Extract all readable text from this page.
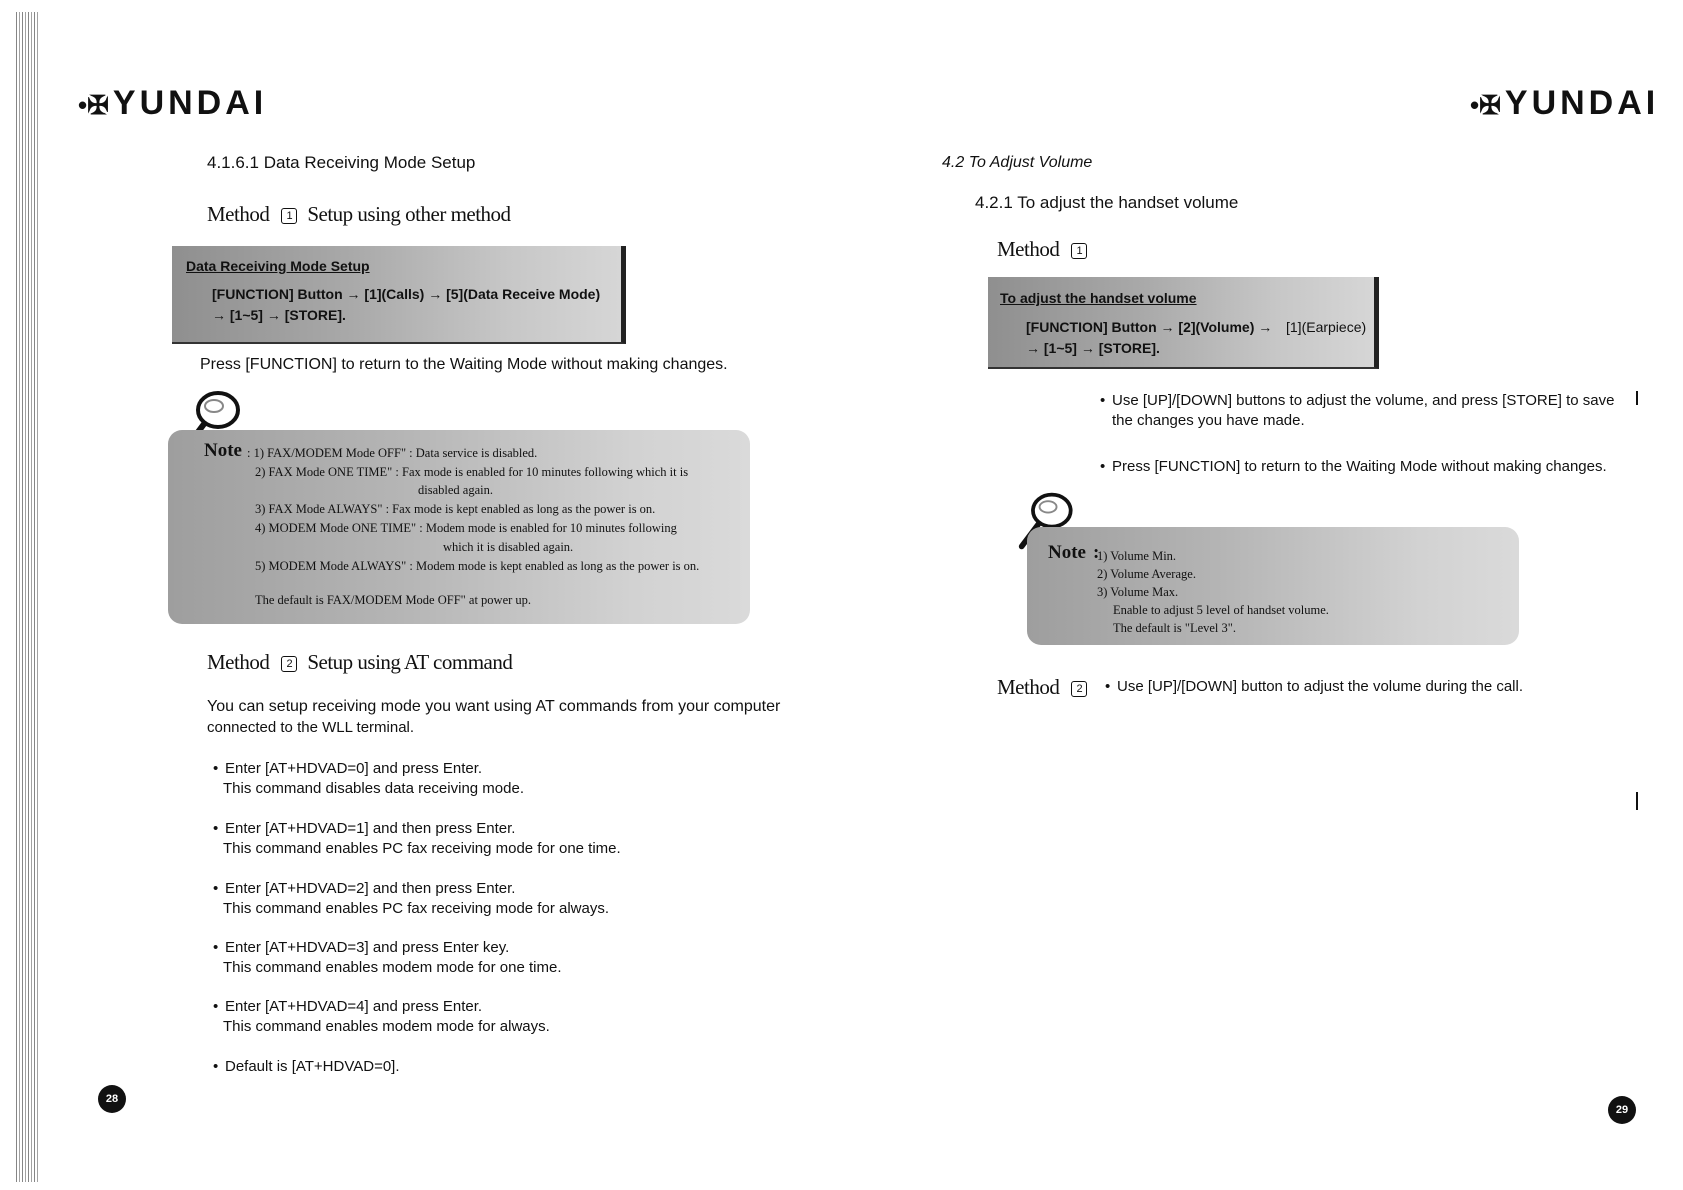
•✠ YUNDAI
4.1.6.1 Data Receiving Mode Setup
Method 1 Setup using other method
Data Receiving Mode Setup
[FUNCTION] Button → [1](Calls) → [5](Data Receive Mode)
→ [1~5] → [STORE].
Press [FUNCTION] to return to the Waiting Mode without making changes.
Note : 1) FAX/MODEM Mode OFF" : Data service is disabled.
2) FAX Mode ONE TIME" : Fax mode is enabled for 10 minutes following which it is
disabled again.
3) FAX Mode ALWAYS" : Fax mode is kept enabled as long as the power is on.
4) MODEM Mode ONE TIME" : Modem mode is enabled for 10 minutes following
which it is disabled again.
5) MODEM Mode ALWAYS" : Modem mode is kept enabled as long as the power is on.
The default is FAX/MODEM Mode OFF" at power up.
Method 2 Setup using AT command
You can setup receiving mode you want using AT commands from your computer
connected to the WLL terminal.
• Enter [AT+HDVAD=0] and press Enter.
This command disables data receiving mode.
• Enter [AT+HDVAD=1] and then press Enter.
This command enables PC fax receiving mode for one time.
• Enter [AT+HDVAD=2] and then press Enter.
This command enables PC fax receiving mode for always.
• Enter [AT+HDVAD=3] and press Enter key.
This command enables modem mode for one time.
• Enter [AT+HDVAD=4] and press Enter.
This command enables modem mode for always.
• Default is [AT+HDVAD=0].
28
•✠ YUNDAI
4.2 To Adjust Volume
4.2.1 To adjust the handset volume
Method 1
To adjust the handset volume
[FUNCTION] Button → [2](Volume) → [1](Earpiece)
→ [1~5] → [STORE].
• Use [UP]/[DOWN] buttons to adjust the volume, and press [STORE] to save
the changes you have made.
• Press [FUNCTION] to return to the Waiting Mode without making changes.
Note :
1) Volume Min.
2) Volume Average.
3) Volume Max.
Enable to adjust 5 level of handset volume.
The default is "Level 3".
Method 2	• Use [UP]/[DOWN] button to adjust the volume during the call.
29
